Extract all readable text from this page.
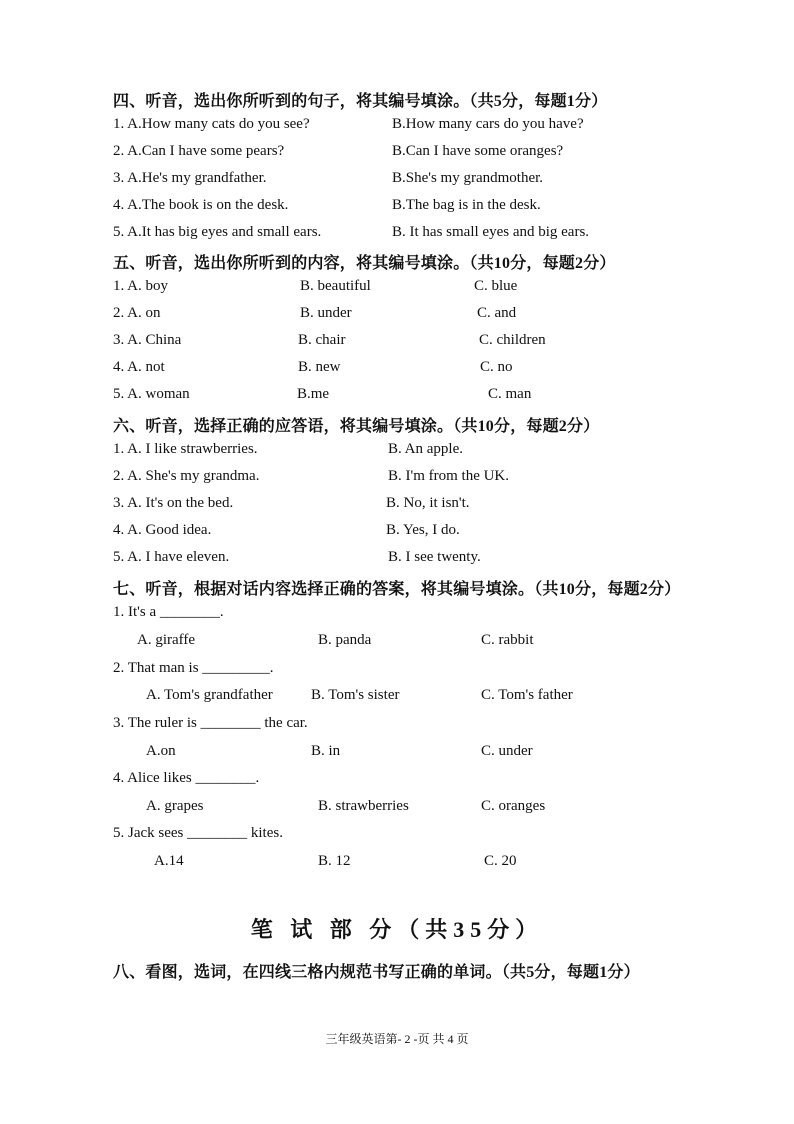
四、听音，选出你所听到的句子，将其编号填涂。（共5分，每题1分）
1. A.How many cats do you see?	B.How many cars do you have?
2. A.Can I have some pears?	B.Can I have some oranges?
3. A.He's my grandfather.	B.She's my grandmother.
4. A.The book is on the desk.	B.The bag is in the desk.
5. A.It has big eyes and small ears.	B. It has small eyes and big ears.
五、听音，选出你所听到的内容，将其编号填涂。（共10分，每题2分）
1. A. boy	B. beautiful	C. blue
2. A. on	B. under	C. and
3. A. China	B. chair	C. children
4. A. not	B. new	C. no
5. A. woman	B.me	C. man
六、听音，选择正确的应答语，将其编号填涂。（共10分，每题2分）
1. A. I like strawberries.	B. An apple.
2. A. She's my grandma.	B. I'm from the UK.
3. A. It's on the bed.	B. No, it isn't.
4. A. Good idea.	B. Yes, I do.
5. A. I have eleven.	B. I see twenty.
七、听音，根据对话内容选择正确的答案，将其编号填涂。（共10分，每题2分）
1. It's a ________.
A. giraffe	B. panda	C. rabbit
2. That man is _________.
A. Tom's grandfather	B. Tom's sister	C. Tom's father
3. The ruler is ________ the car.
A.on	B. in	C. under
4. Alice likes ________.
A. grapes	B. strawberries	C. oranges
5. Jack sees ________ kites.
A.14	B. 12	C. 20
笔 试 部 分（共35分）
八、看图，选词，在四线三格内规范书写正确的单词。（共5分，每题1分）
三年级英语第- 2 -页 共 4 页
